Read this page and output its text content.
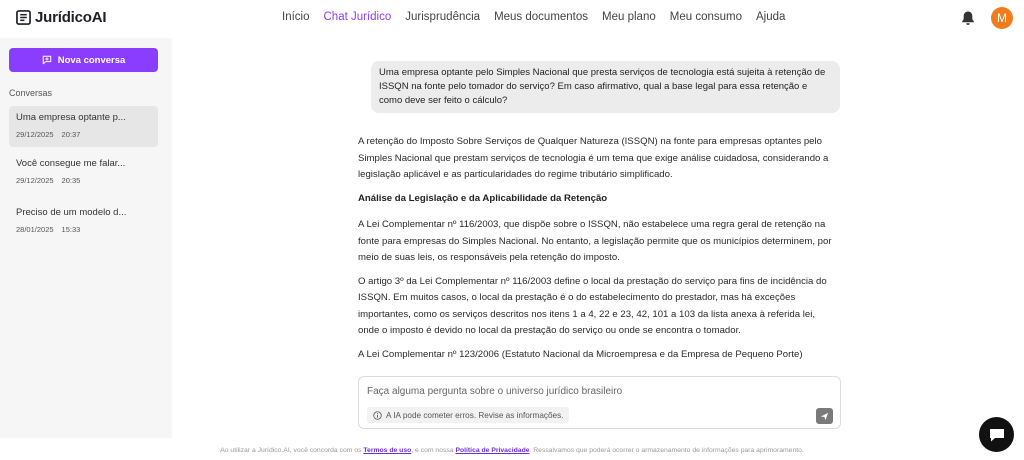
JurídicoAI	Início Chat Jurídico Jurisprudência Meus documentos Meu plano Meu consumo Ajuda	M
Nova conversa
Conversas
Uma empresa optante p...
29/12/2025 20:37
Você consegue me falar...
29/12/2025 20:35
Preciso de um modelo d...
28/01/2025 15:33
Uma empresa optante pelo Simples Nacional que presta serviços de tecnologia está sujeita à retenção de ISSQN na fonte pelo tomador do serviço? Em caso afirmativo, qual a base legal para essa retenção e como deve ser feito o cálculo?

A retenção do Imposto Sobre Serviços de Qualquer Natureza (ISSQN) na fonte para empresas optantes pelo Simples Nacional que prestam serviços de tecnologia é um tema que exige análise cuidadosa, considerando a legislação aplicável e as particularidades do regime tributário simplificado.

Análise da Legislação e da Aplicabilidade da Retenção

A Lei Complementar nº 116/2003, que dispõe sobre o ISSQN, não estabelece uma regra geral de retenção na fonte para empresas do Simples Nacional. No entanto, a legislação permite que os municípios determinem, por meio de suas leis, os responsáveis pela retenção do imposto.

O artigo 3º da Lei Complementar nº 116/2003 define o local da prestação do serviço para fins de incidência do ISSQN. Em muitos casos, o local da prestação é o do estabelecimento do prestador, mas há exceções importantes, como os serviços descritos nos itens 1 a 4, 22 e 23, 42, 101 a 103 da lista anexa à referida lei, onde o imposto é devido no local da prestação do serviço ou onde se encontra o tomador.

A Lei Complementar nº 123/2006 (Estatuto Nacional da Microempresa e da Empresa de Pequeno Porte)

Faça alguma pergunta sobre o universo jurídico brasileiro
A IA pode cometer erros. Revise as informações.
Ao utilizar a Jurídico.AI, você concorda com os Termos de uso, e com nossa Política de Privacidade. Ressalvamos que poderá ocorrer o armazenamento de informações para aprimoramento.
